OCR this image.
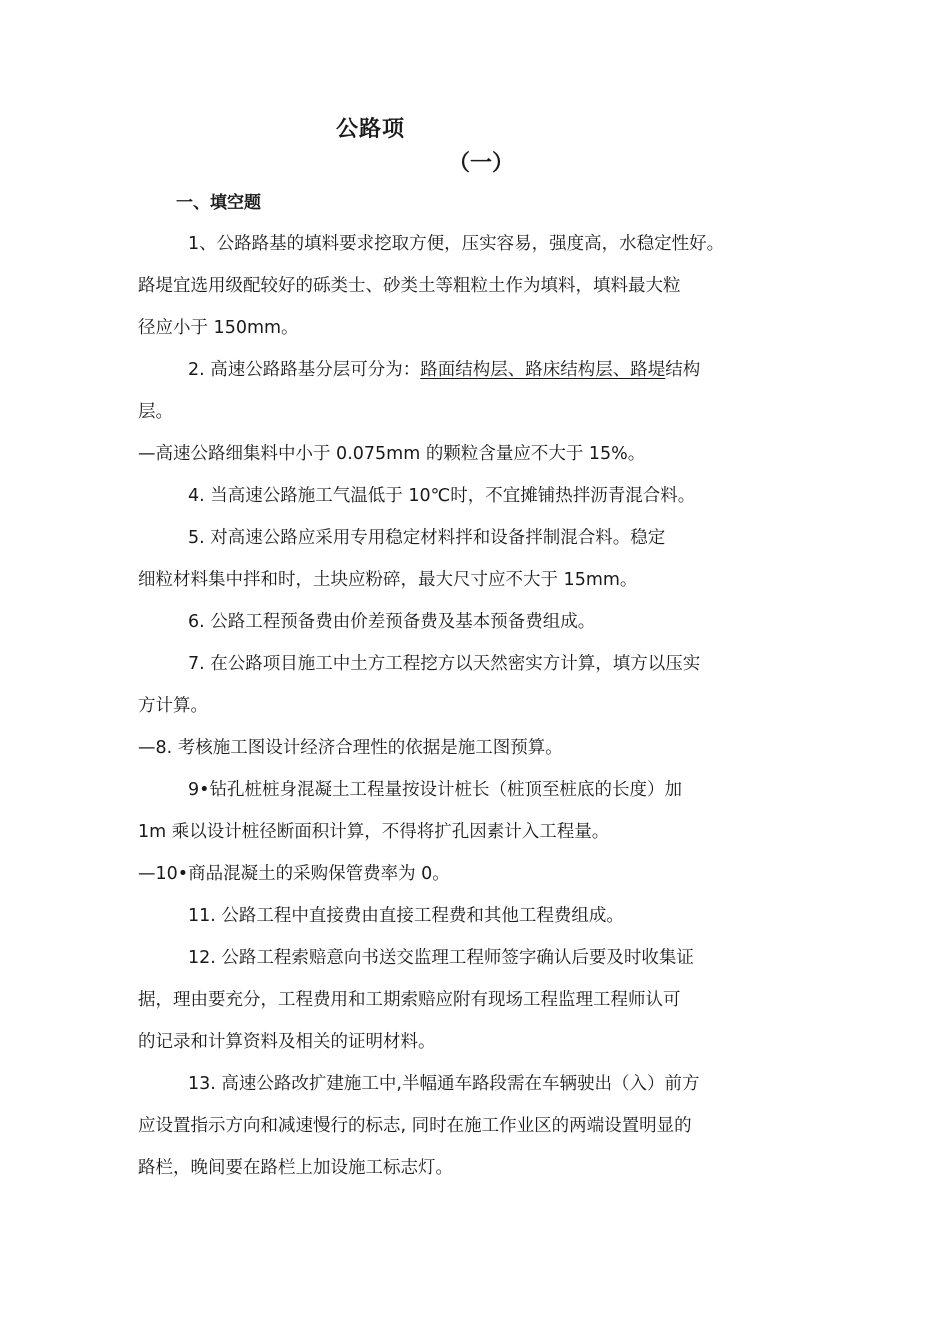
公路项
（一）
一、填空题
1、公路路基的填料要求挖取方便，压实容易，强度高，水稳定性好。
路堤宜选用级配较好的砾类士、砂类土等粗粒土作为填料，填料最大粒
径应小于 150mm。
2. 高速公路路基分层可分为：路面结构层、路床结构层、路堤结构
层。
—高速公路细集料中小于 0.075mm 的颗粒含量应不大于 15%。
4. 当高速公路施工气温低于 10℃时，不宜摊铺热拌沥青混合料。
5. 对高速公路应采用专用稳定材料拌和设备拌制混合料。稳定
细粒材料集中拌和时，土块应粉碎，最大尺寸应不大于 15mm。
6. 公路工程预备费由价差预备费及基本预备费组成。
7. 在公路项目施工中土方工程挖方以天然密实方计算，填方以压实
方计算。
—8. 考核施工图设计经济合理性的依据是施工图预算。
9•钻孔桩桩身混凝土工程量按设计桩长（桩顶至桩底的长度）加
1m 乘以设计桩径断面积计算，不得将扩孔因素计入工程量。
—10•商品混凝土的采购保管费率为 0。
11. 公路工程中直接费由直接工程费和其他工程费组成。
12. 公路工程索赔意向书送交监理工程师签字确认后要及时收集证
据，理由要充分，工程费用和工期索赔应附有现场工程监理工程师认可
的记录和计算资料及相关的证明材料。
13. 高速公路改扩建施工中,半幅通车路段需在车辆驶出（入）前方
应设置指示方向和减速慢行的标志, 同时在施工作业区的两端设置明显的
路栏，晚间要在路栏上加设施工标志灯。
